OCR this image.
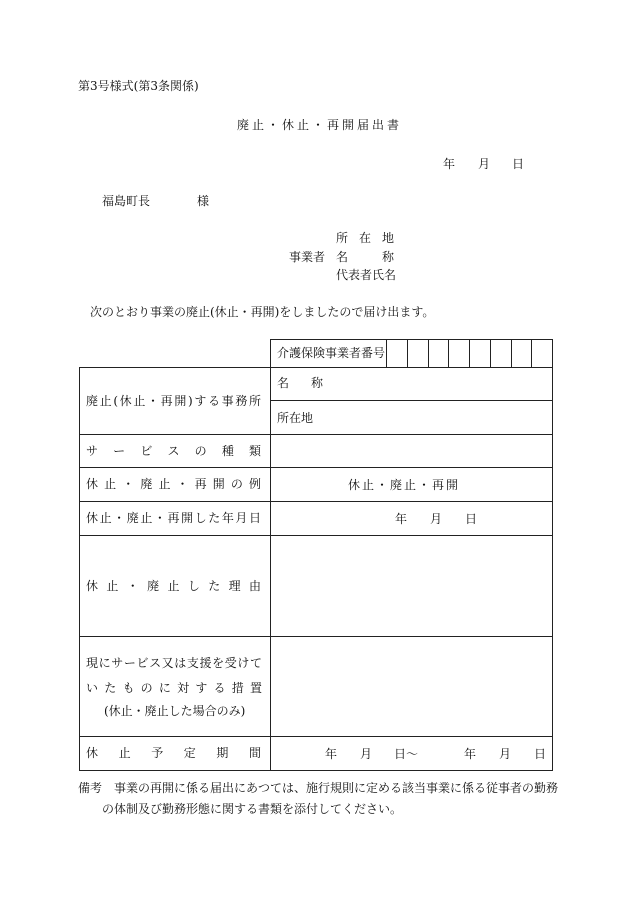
第3号様式(第3条関係)
廃止・休止・再開届出書
年 月 日
福島町長	様
所在地
事業者 名称
代表者氏名
次のとおり事業の廃止(休止・再開)をしましたので届け出ます。
介護保険事業者番号
廃止(休止・再開)する事務所
名称
所在地
サービスの種類
休止・廃止・再開の例	休止・廃止・再開
休止・廃止・再開した年月日	年 月 日
休止・廃止した理由
現にサービス又は支援を受けて
いたものに対する措置
(休止・廃止した場合のみ)
休止予定期間	年 月 日〜	年 月 日
備考　事業の再開に係る届出にあつては、施行規則に定める該当事業に係る従事者の勤務
の体制及び勤務形態に関する書類を添付してください。
